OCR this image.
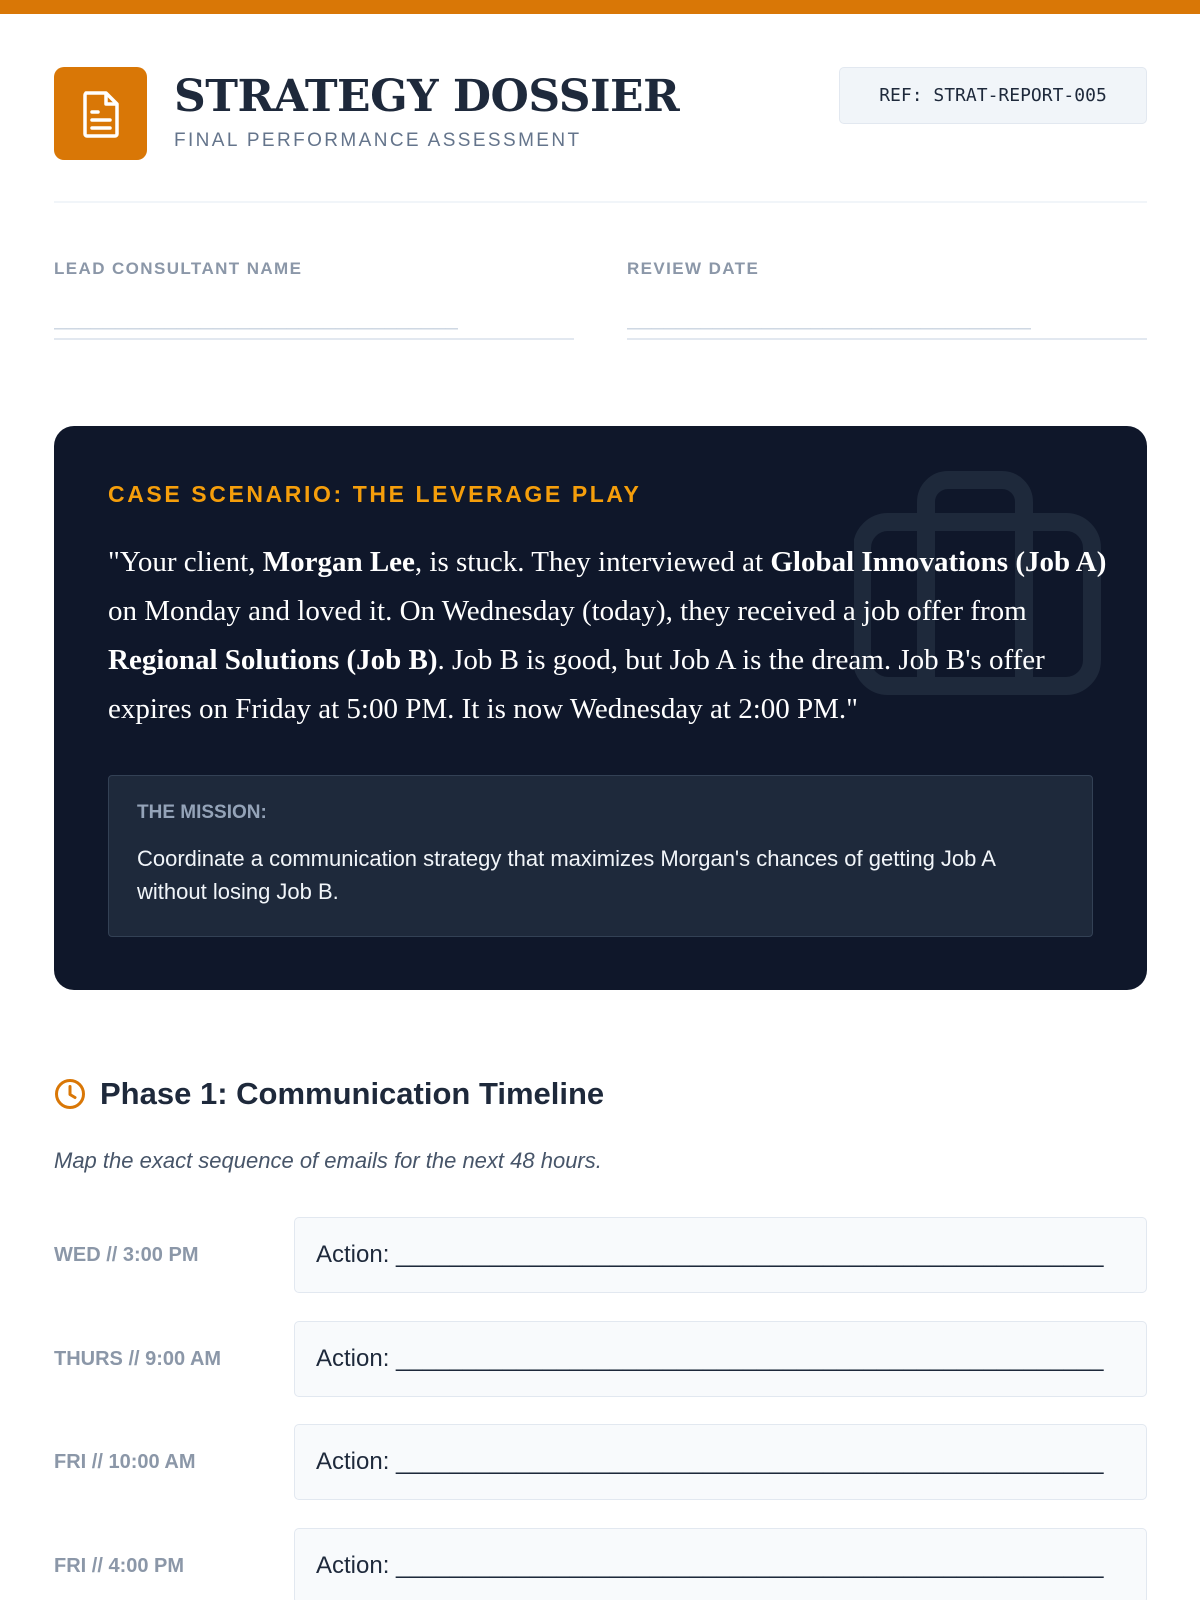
STRATEGY DOSSIER
FINAL PERFORMANCE ASSESSMENT
REF: STRAT-REPORT-005
LEAD CONSULTANT NAME
_________________________________
REVIEW DATE
_________________________________
CASE SCENARIO: THE LEVERAGE PLAY
"Your client, Morgan Lee, is stuck. They interviewed at Global Innovations (Job A) on Monday and loved it. On Wednesday (today), they received a job offer from Regional Solutions (Job B). Job B is good, but Job A is the dream. Job B's offer expires on Friday at 5:00 PM. It is now Wednesday at 2:00 PM."
THE MISSION:
Coordinate a communication strategy that maximizes Morgan's chances of getting Job A without losing Job B.
Phase 1: Communication Timeline
Map the exact sequence of emails for the next 48 hours.
WED // 3:00 PM	Action: _____________________________________________________
THURS // 9:00 AM	Action: _____________________________________________________
FRI // 10:00 AM	Action: _____________________________________________________
FRI // 4:00 PM	Action: _____________________________________________________
